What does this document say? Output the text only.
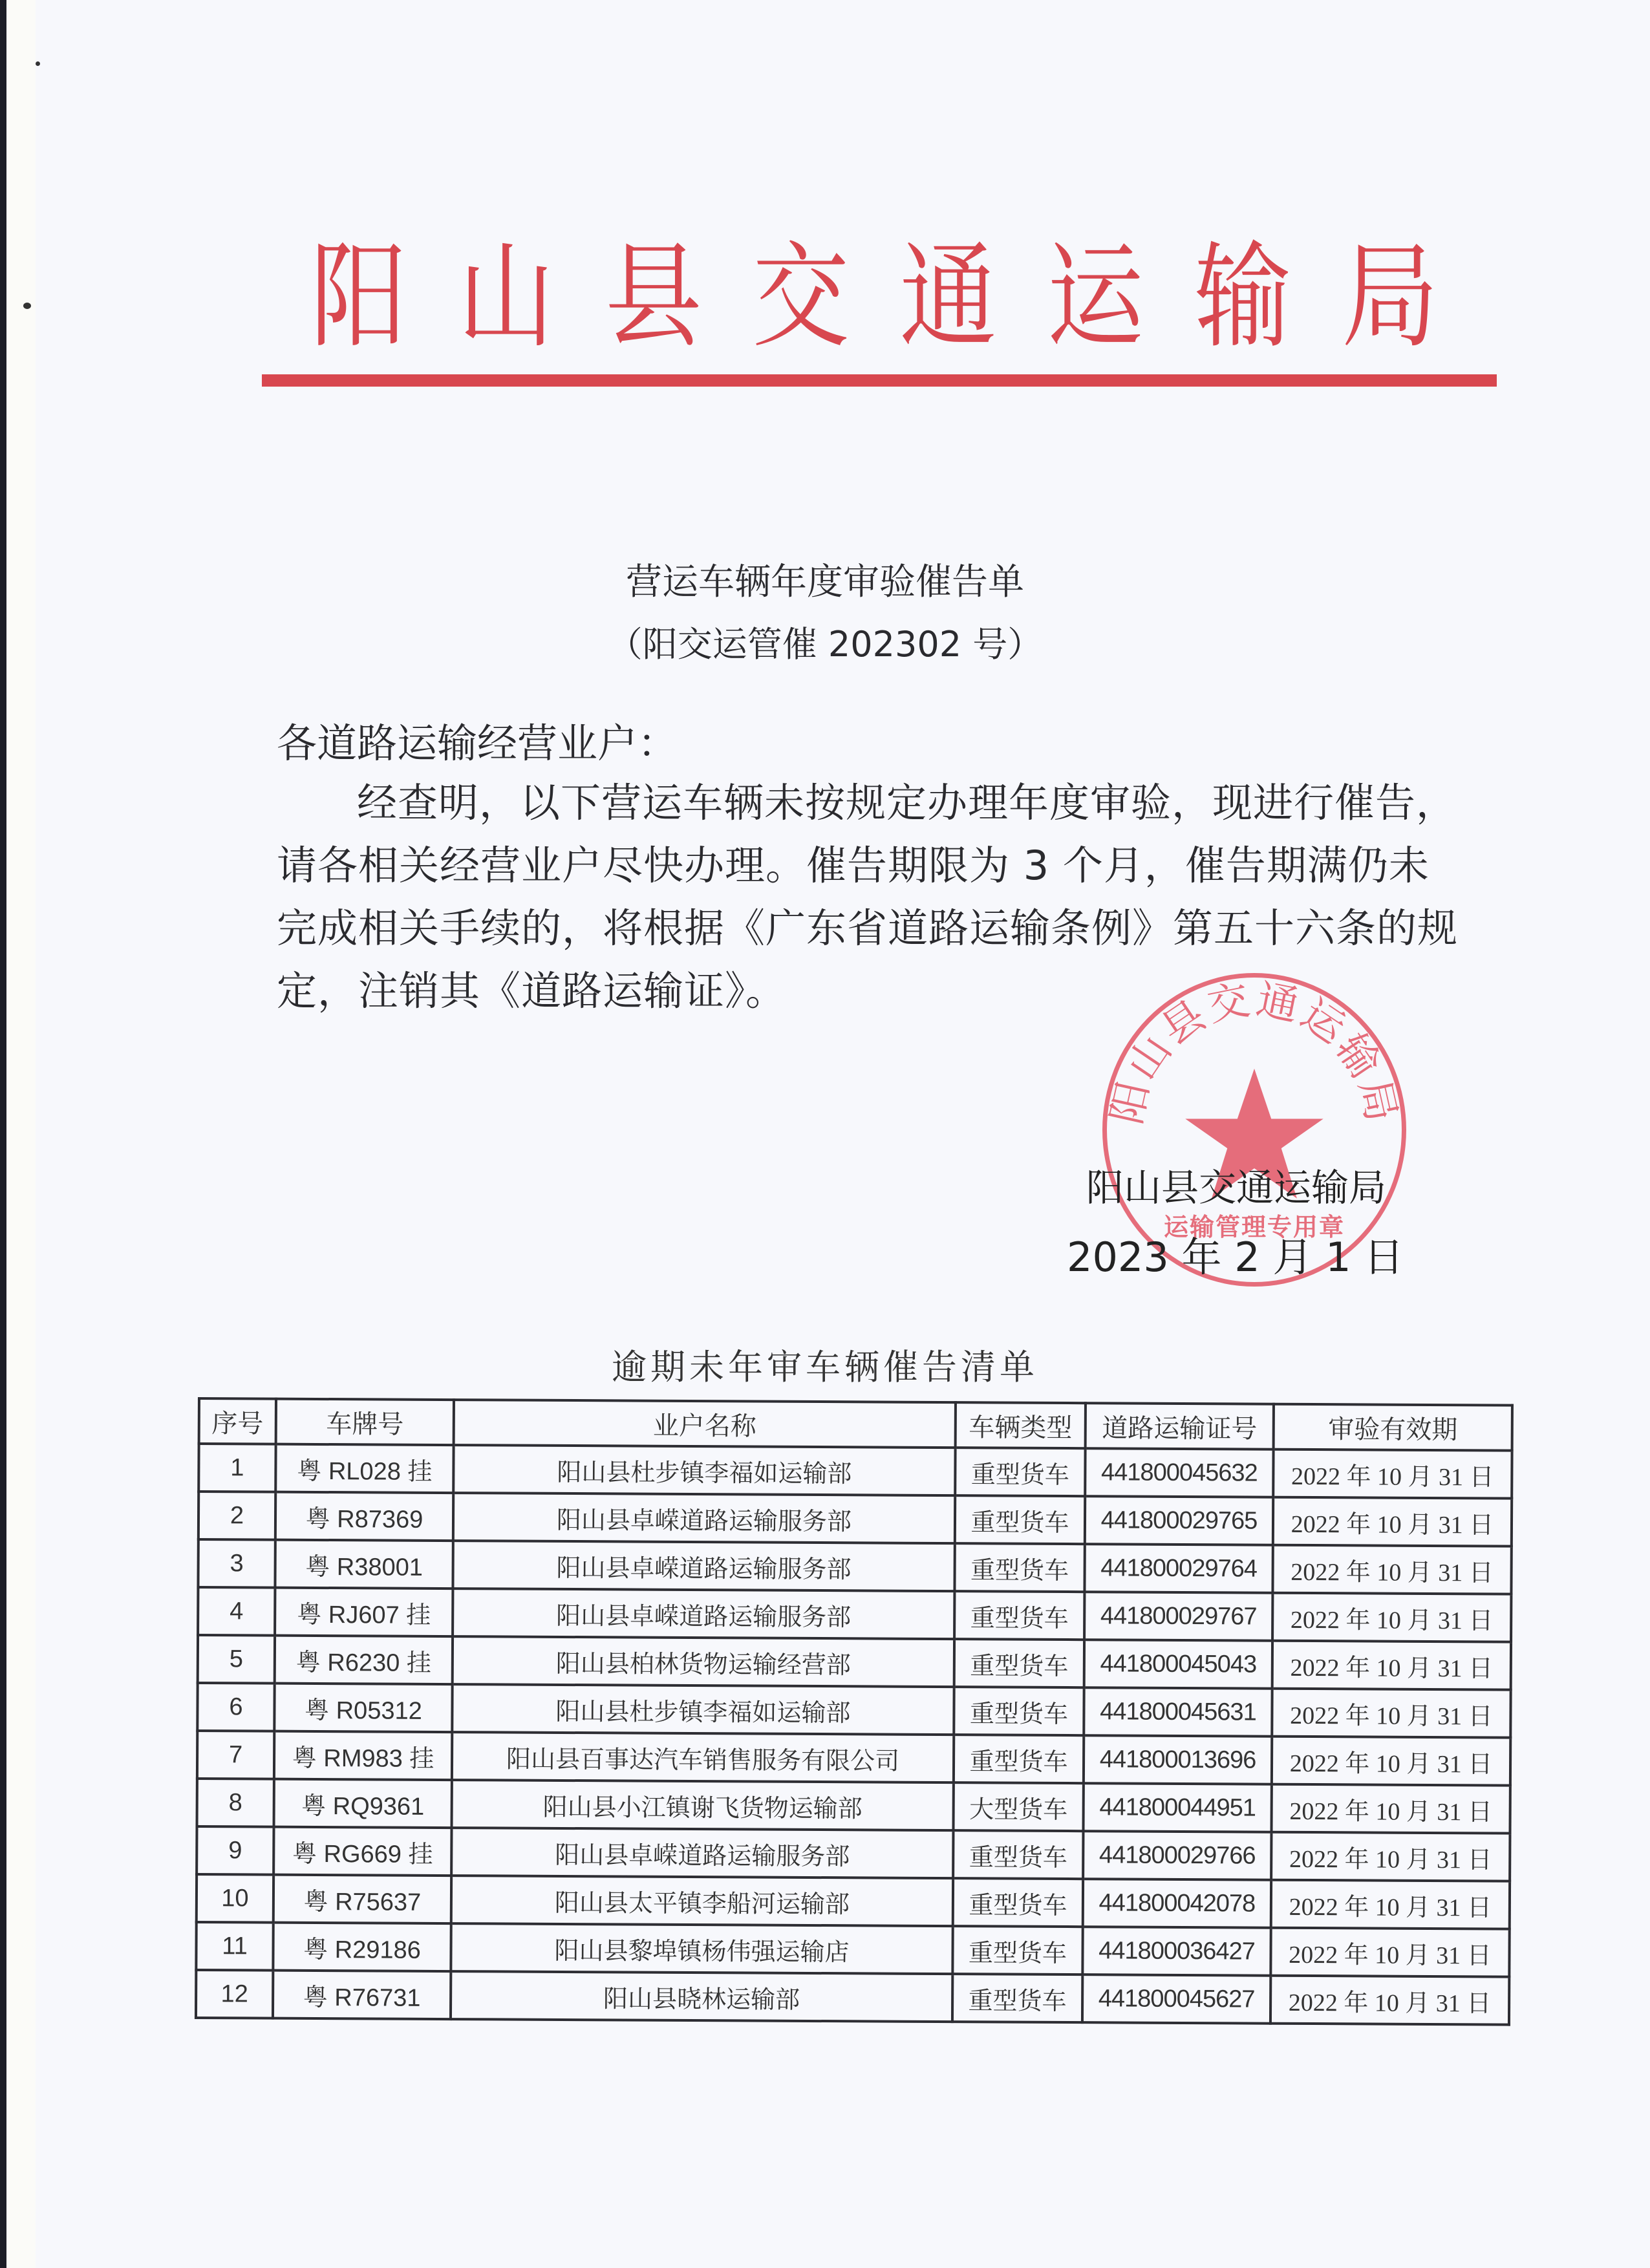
阳 山 县 交 通 运 输 局
营运车辆年度审验催告单
（阳交运管催 202302 号）
各道路运输经营业户：
经查明，以下营运车辆未按规定办理年度审验，现进行催告，请各相关经营业户尽快办理。催告期限为 3 个月，催告期满仍未完成相关手续的，将根据《广东省道路运输条例》第五十六条的规定，注销其《道路运输证》。
阳山县交通运输局
运输管理专用章
阳山县交通运输局
2023 年 2 月 1 日
逾期未年审车辆催告清单
序号	车牌号	业户名称	车辆类型	道路运输证号	审验有效期
1	粤 RL028 挂	阳山县杜步镇李福如运输部	重型货车	441800045632	2022 年 10 月 31 日
2	粤 R87369	阳山县卓嵘道路运输服务部	重型货车	441800029765	2022 年 10 月 31 日
3	粤 R38001	阳山县卓嵘道路运输服务部	重型货车	441800029764	2022 年 10 月 31 日
4	粤 RJ607 挂	阳山县卓嵘道路运输服务部	重型货车	441800029767	2022 年 10 月 31 日
5	粤 R6230 挂	阳山县柏林货物运输经营部	重型货车	441800045043	2022 年 10 月 31 日
6	粤 R05312	阳山县杜步镇李福如运输部	重型货车	441800045631	2022 年 10 月 31 日
7	粤 RM983 挂	阳山县百事达汽车销售服务有限公司	重型货车	441800013696	2022 年 10 月 31 日
8	粤 RQ9361	阳山县小江镇谢飞货物运输部	大型货车	441800044951	2022 年 10 月 31 日
9	粤 RG669 挂	阳山县卓嵘道路运输服务部	重型货车	441800029766	2022 年 10 月 31 日
10	粤 R75637	阳山县太平镇李船河运输部	重型货车	441800042078	2022 年 10 月 31 日
11	粤 R29186	阳山县黎埠镇杨伟强运输店	重型货车	441800036427	2022 年 10 月 31 日
12	粤 R76731	阳山县晓林运输部	重型货车	441800045627	2022 年 10 月 31 日
